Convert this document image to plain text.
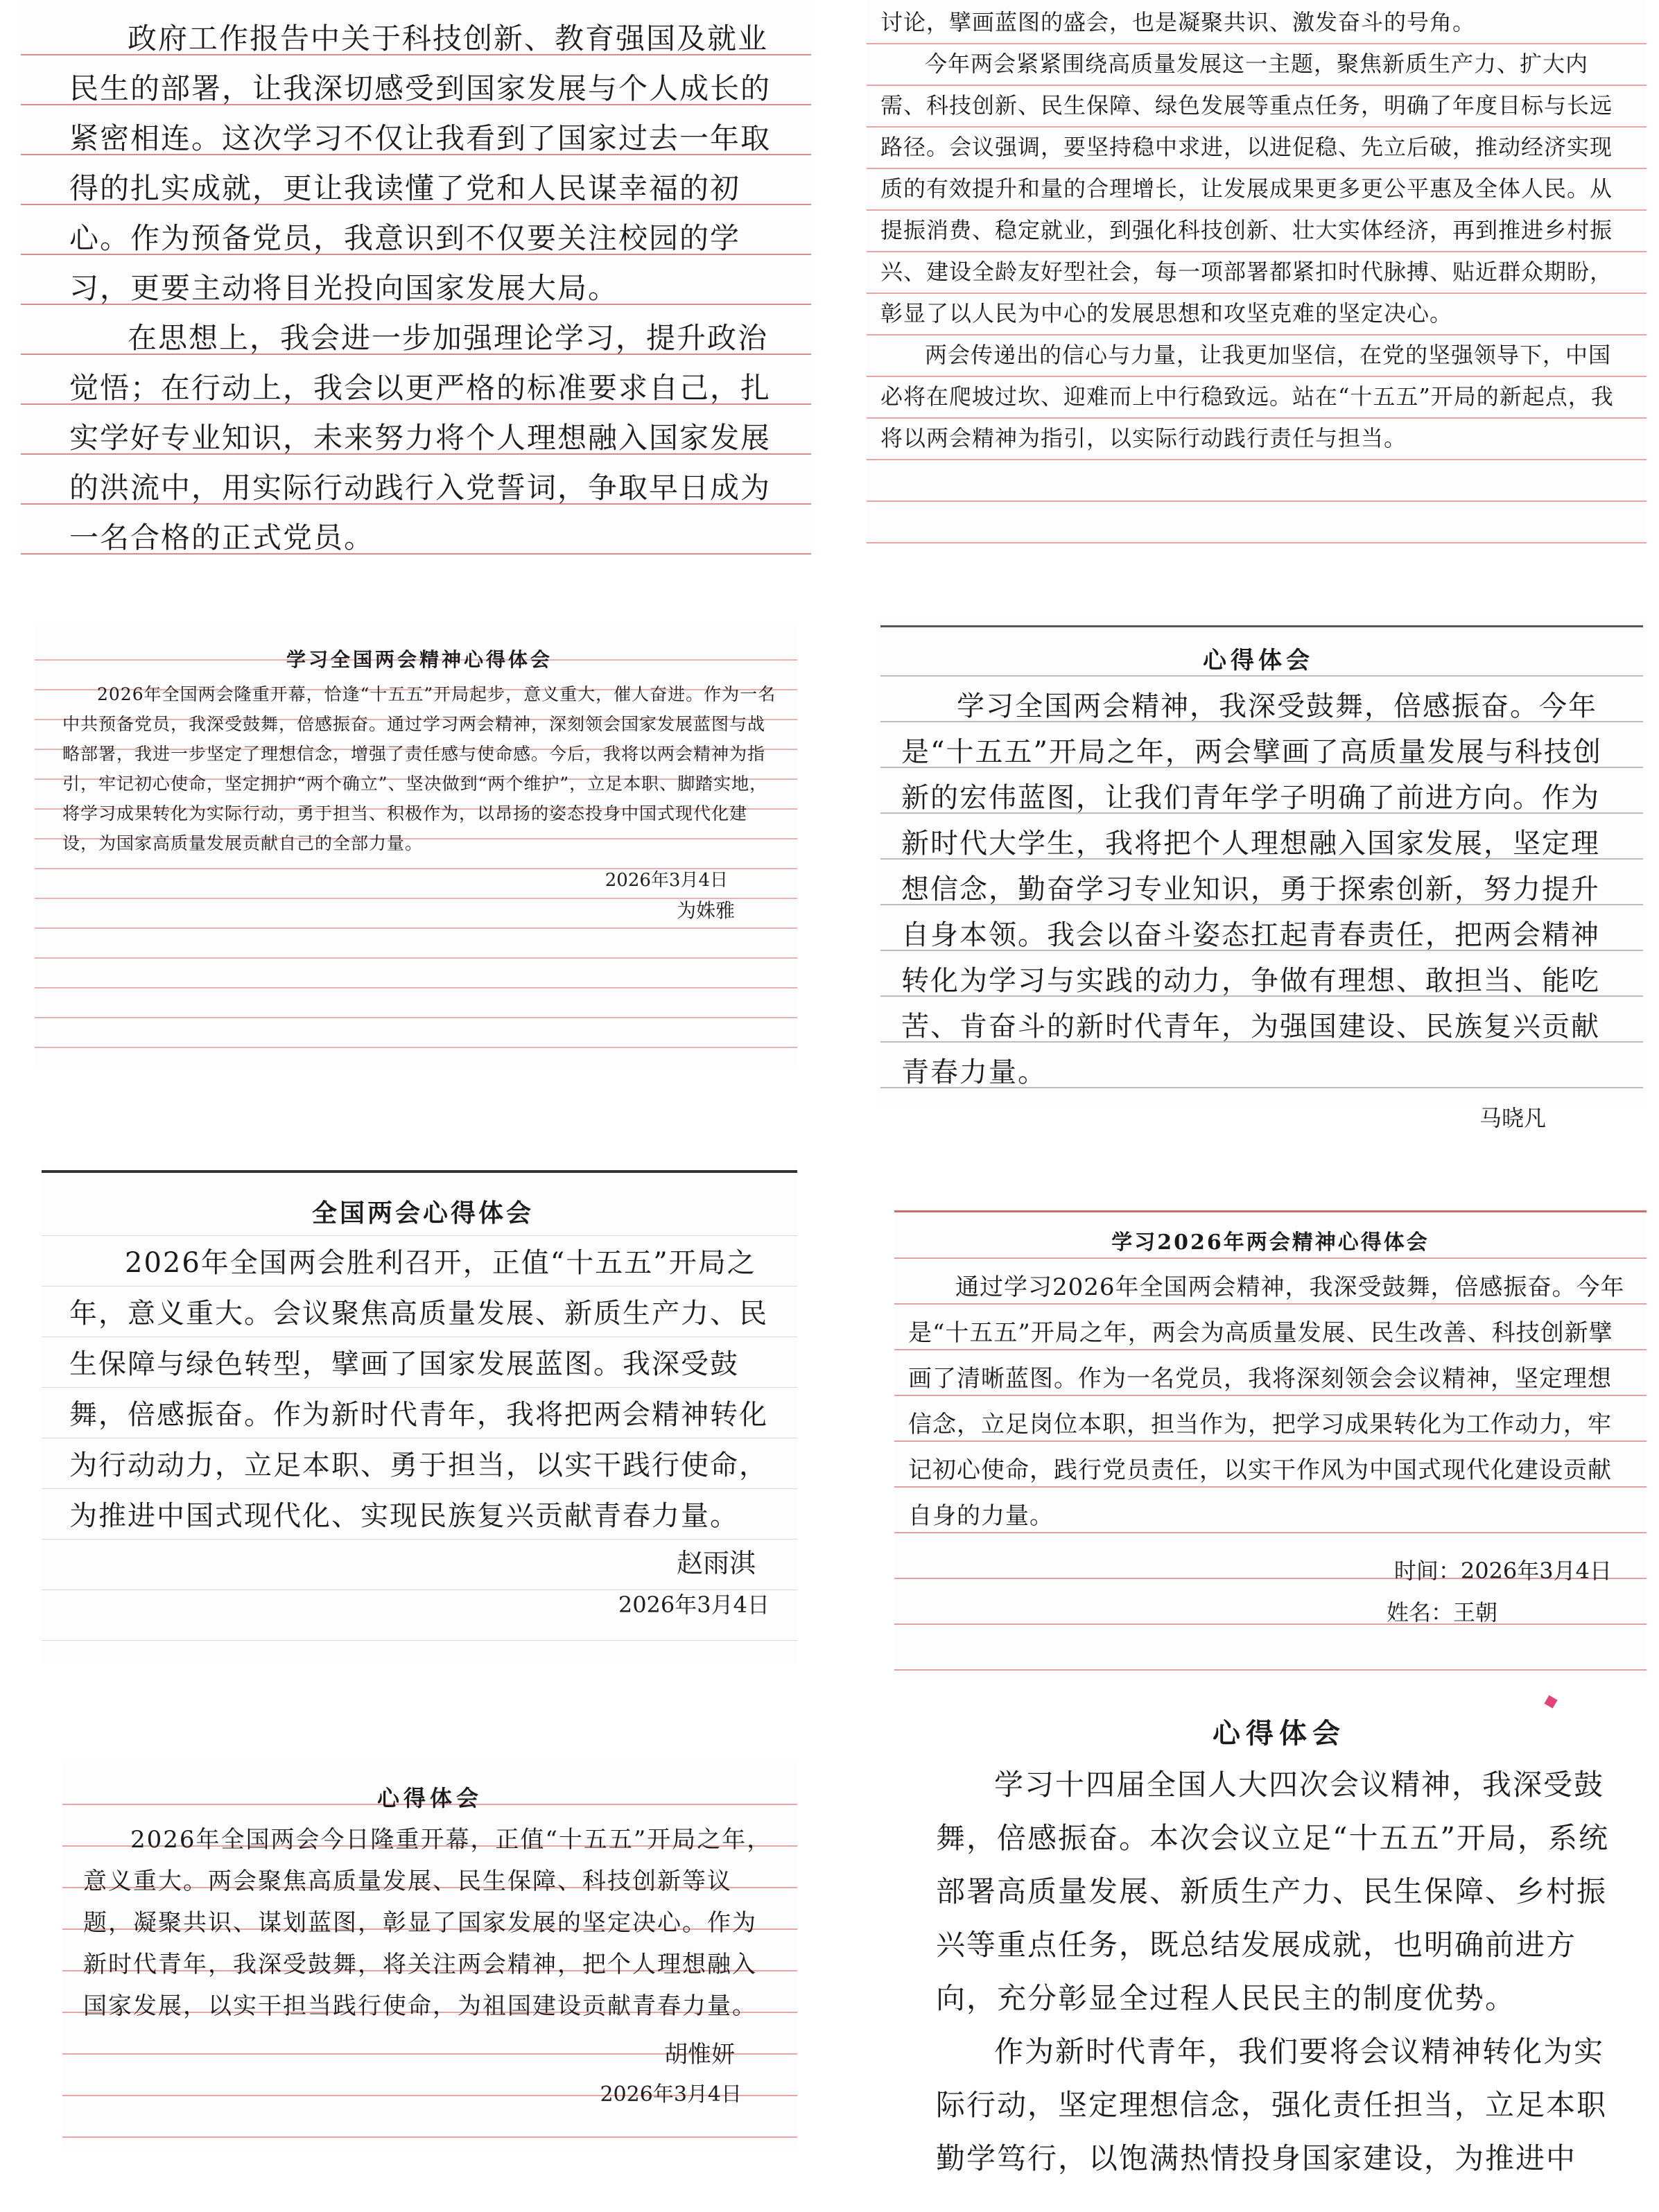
政府工作报告中关于科技创新、教育强国及就业民生的部署，让我深切感受到国家发展与个人成长的紧密相连。这次学习不仅让我看到了国家过去一年取得的扎实成就，更让我读懂了党和人民谋幸福的初心。作为预备党员，我意识到不仅要关注校园的学习，更要主动将目光投向国家发展大局。

在思想上，我会进一步加强理论学习，提升政治觉悟；在行动上，我会以更严格的标准要求自己，扎实学好专业知识，未来努力将个人理想融入国家发展的洪流中，用实际行动践行入党誓词，争取早日成为一名合格的正式党员。

讨论，擘画蓝图的盛会，也是凝聚共识、激发奋斗的号角。

今年两会紧紧围绕高质量发展这一主题，聚焦新质生产力、扩大内需、科技创新、民生保障、绿色发展等重点任务，明确了年度目标与长远路径。会议强调，要坚持稳中求进，以进促稳、先立后破，推动经济实现质的有效提升和量的合理增长，让发展成果更多更公平惠及全体人民。从提振消费、稳定就业，到强化科技创新、壮大实体经济，再到推进乡村振兴、建设全龄友好型社会，每一项部署都紧扣时代脉搏、贴近群众期盼，彰显了以人民为中心的发展思想和攻坚克难的坚定决心。

两会传递出的信心与力量，让我更加坚信，在党的坚强领导下，中国必将在爬坡过坎、迎难而上中行稳致远。站在“十五五”开局的新起点，我将以两会精神为指引，以实际行动践行责任与担当。

学习全国两会精神心得体会

2026年全国两会隆重开幕，恰逢“十五五”开局起步，意义重大，催人奋进。作为一名中共预备党员，我深受鼓舞，倍感振奋。通过学习两会精神，深刻领会国家发展蓝图与战略部署，我进一步坚定了理想信念，增强了责任感与使命感。今后，我将以两会精神为指引，牢记初心使命，坚定拥护“两个确立”、坚决做到“两个维护”，立足本职、脚踏实地，将学习成果转化为实际行动，勇于担当、积极作为，以昂扬的姿态投身中国式现代化建设，为国家高质量发展贡献自己的全部力量。

2026年3月4日

为姝雅

心得体会

学习全国两会精神，我深受鼓舞，倍感振奋。今年是“十五五”开局之年，两会擘画了高质量发展与科技创新的宏伟蓝图，让我们青年学子明确了前进方向。作为新时代大学生，我将把个人理想融入国家发展，坚定理想信念，勤奋学习专业知识，勇于探索创新，努力提升自身本领。我会以奋斗姿态扛起青春责任，把两会精神转化为学习与实践的动力，争做有理想、敢担当、能吃苦、肯奋斗的新时代青年，为强国建设、民族复兴贡献青春力量。

马晓凡

全国两会心得体会

2026年全国两会胜利召开，正值“十五五”开局之年，意义重大。会议聚焦高质量发展、新质生产力、民生保障与绿色转型，擘画了国家发展蓝图。我深受鼓舞，倍感振奋。作为新时代青年，我将把两会精神转化为行动动力，立足本职、勇于担当，以实干践行使命，为推进中国式现代化、实现民族复兴贡献青春力量。

赵雨淇

2026年3月4日

学习2026年两会精神心得体会

通过学习2026年全国两会精神，我深受鼓舞，倍感振奋。今年是“十五五”开局之年，两会为高质量发展、民生改善、科技创新擘画了清晰蓝图。作为一名党员，我将深刻领会会议精神，坚定理想信念，立足岗位本职，担当作为，把学习成果转化为工作动力，牢记初心使命，践行党员责任，以实干作风为中国式现代化建设贡献自身的力量。

时间：2026年3月4日

姓名：王朝

心得体会

2026年全国两会今日隆重开幕，正值“十五五”开局之年，意义重大。两会聚焦高质量发展、民生保障、科技创新等议题，凝聚共识、谋划蓝图，彰显了国家发展的坚定决心。作为新时代青年，我深受鼓舞，将关注两会精神，把个人理想融入国家发展，以实干担当践行使命，为祖国建设贡献青春力量。

胡惟妍

2026年3月4日

心得体会

学习十四届全国人大四次会议精神，我深受鼓舞，倍感振奋。本次会议立足“十五五”开局，系统部署高质量发展、新质生产力、民生保障、乡村振兴等重点任务，既总结发展成就，也明确前进方向，充分彰显全过程人民民主的制度优势。

作为新时代青年，我们要将会议精神转化为实际行动，坚定理想信念，强化责任担当，立足本职勤学笃行，以饱满热情投身国家建设，为推进中
